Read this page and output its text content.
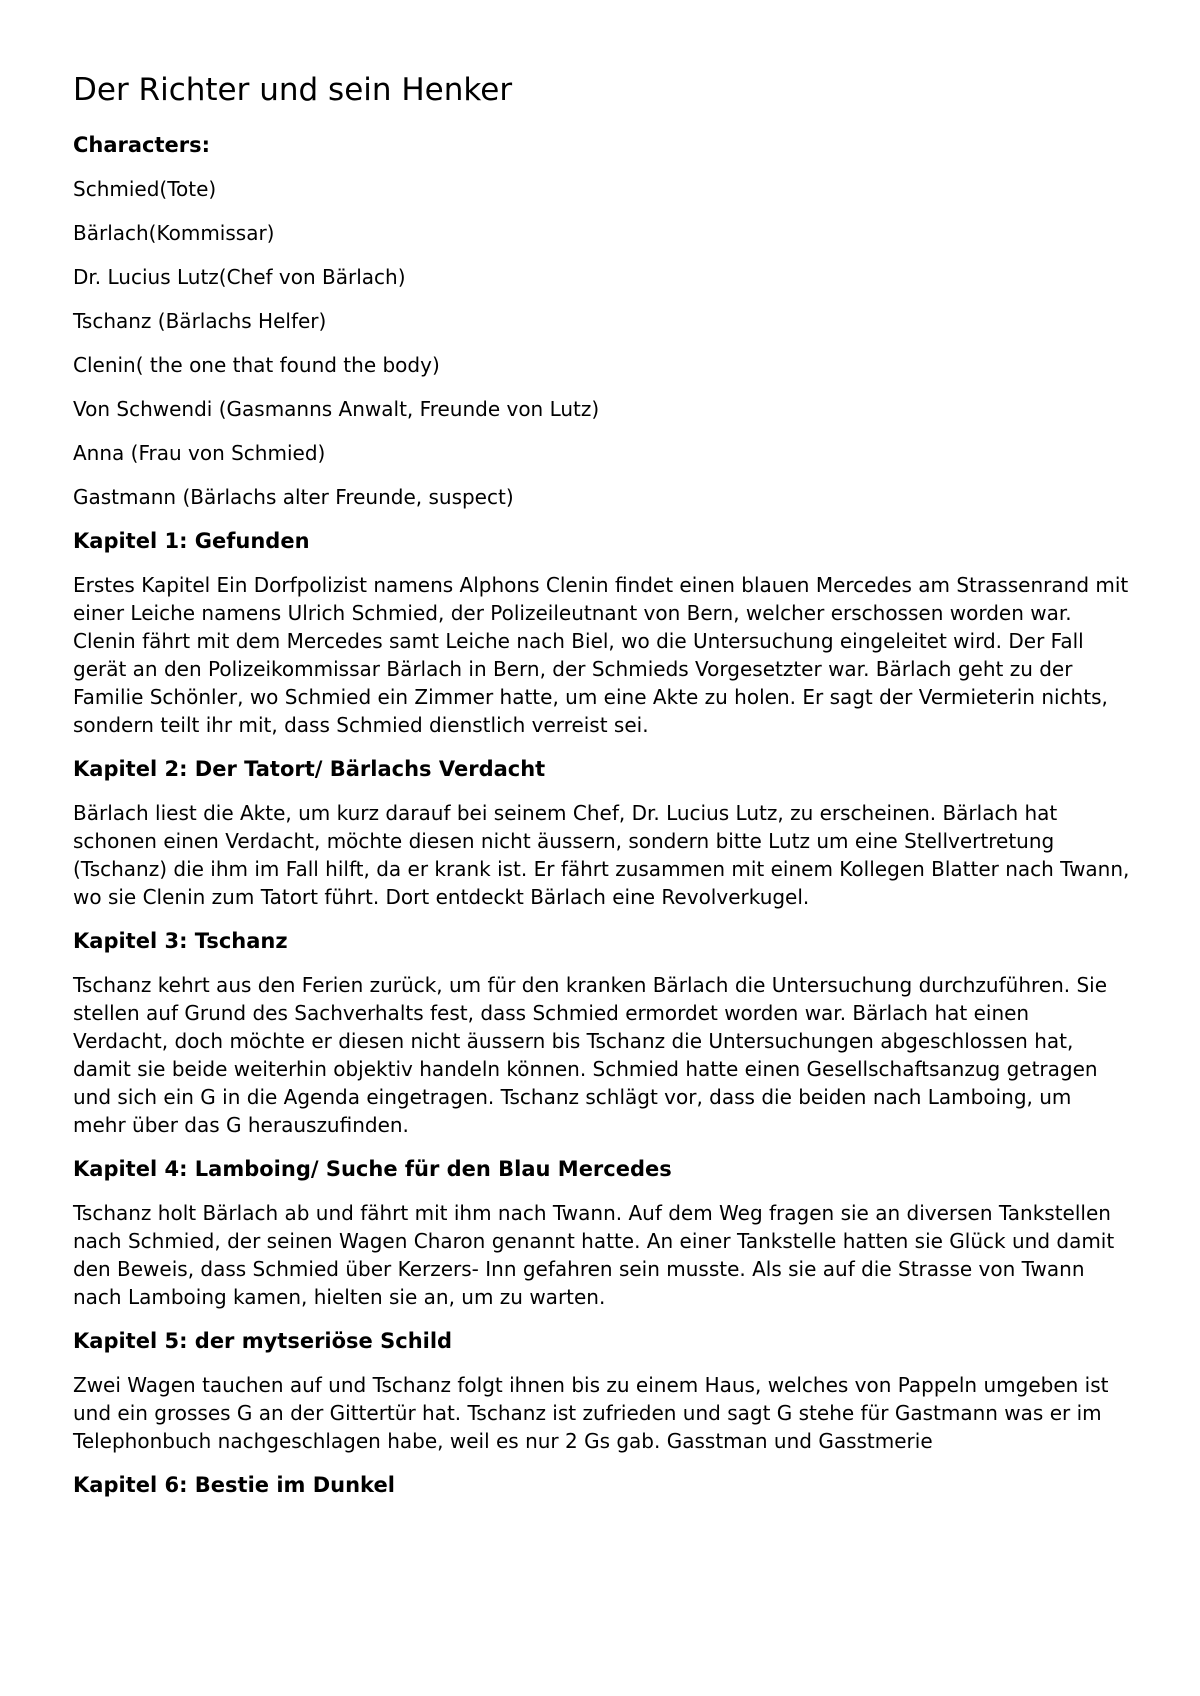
Der Richter und sein Henker
Characters:

Schmied(Tote)

Bärlach(Kommissar)

Dr. Lucius Lutz(Chef von Bärlach)

Tschanz (Bärlachs Helfer)

Clenin( the one that found the body)

Von Schwendi (Gasmanns Anwalt, Freunde von Lutz)

Anna (Frau von Schmied)

Gastmann (Bärlachs alter Freunde, suspect)

Kapitel 1: Gefunden

Erstes Kapitel Ein Dorfpolizist namens Alphons Clenin findet einen blauen Mercedes am Strassenrand mit einer Leiche namens Ulrich Schmied, der Polizeileutnant von Bern, welcher erschossen worden war. Clenin fährt mit dem Mercedes samt Leiche nach Biel, wo die Untersuchung eingeleitet wird. Der Fall gerät an den Polizeikommissar Bärlach in Bern, der Schmieds Vorgesetzter war. Bärlach geht zu der Familie Schönler, wo Schmied ein Zimmer hatte, um eine Akte zu holen. Er sagt der Vermieterin nichts, sondern teilt ihr mit, dass Schmied dienstlich verreist sei.

Kapitel 2: Der Tatort/ Bärlachs Verdacht

Bärlach liest die Akte, um kurz darauf bei seinem Chef, Dr. Lucius Lutz, zu erscheinen. Bärlach hat schonen einen Verdacht, möchte diesen nicht äussern, sondern bitte Lutz um eine Stellvertretung (Tschanz) die ihm im Fall hilft, da er krank ist. Er fährt zusammen mit einem Kollegen Blatter nach Twann, wo sie Clenin zum Tatort führt. Dort entdeckt Bärlach eine Revolverkugel.

Kapitel 3: Tschanz

Tschanz kehrt aus den Ferien zurück, um für den kranken Bärlach die Untersuchung durchzuführen. Sie stellen auf Grund des Sachverhalts fest, dass Schmied ermordet worden war. Bärlach hat einen Verdacht, doch möchte er diesen nicht äussern bis Tschanz die Untersuchungen abgeschlossen hat, damit sie beide weiterhin objektiv handeln können. Schmied hatte einen Gesellschaftsanzug getragen und sich ein G in die Agenda eingetragen. Tschanz schlägt vor, dass die beiden nach Lamboing, um mehr über das G herauszufinden.

Kapitel 4: Lamboing/ Suche für den Blau Mercedes

Tschanz holt Bärlach ab und fährt mit ihm nach Twann. Auf dem Weg fragen sie an diversen Tankstellen nach Schmied, der seinen Wagen Charon genannt hatte. An einer Tankstelle hatten sie Glück und damit den Beweis, dass Schmied über Kerzers- Inn gefahren sein musste. Als sie auf die Strasse von Twann nach Lamboing kamen, hielten sie an, um zu warten.

Kapitel 5: der mytseriöse Schild

Zwei Wagen tauchen auf und Tschanz folgt ihnen bis zu einem Haus, welches von Pappeln umgeben ist und ein grosses G an der Gittertür hat. Tschanz ist zufrieden und sagt G stehe für Gastmann was er im Telephonbuch nachgeschlagen habe, weil es nur 2 Gs gab. Gasstman und Gasstmerie

Kapitel 6: Bestie im Dunkel
